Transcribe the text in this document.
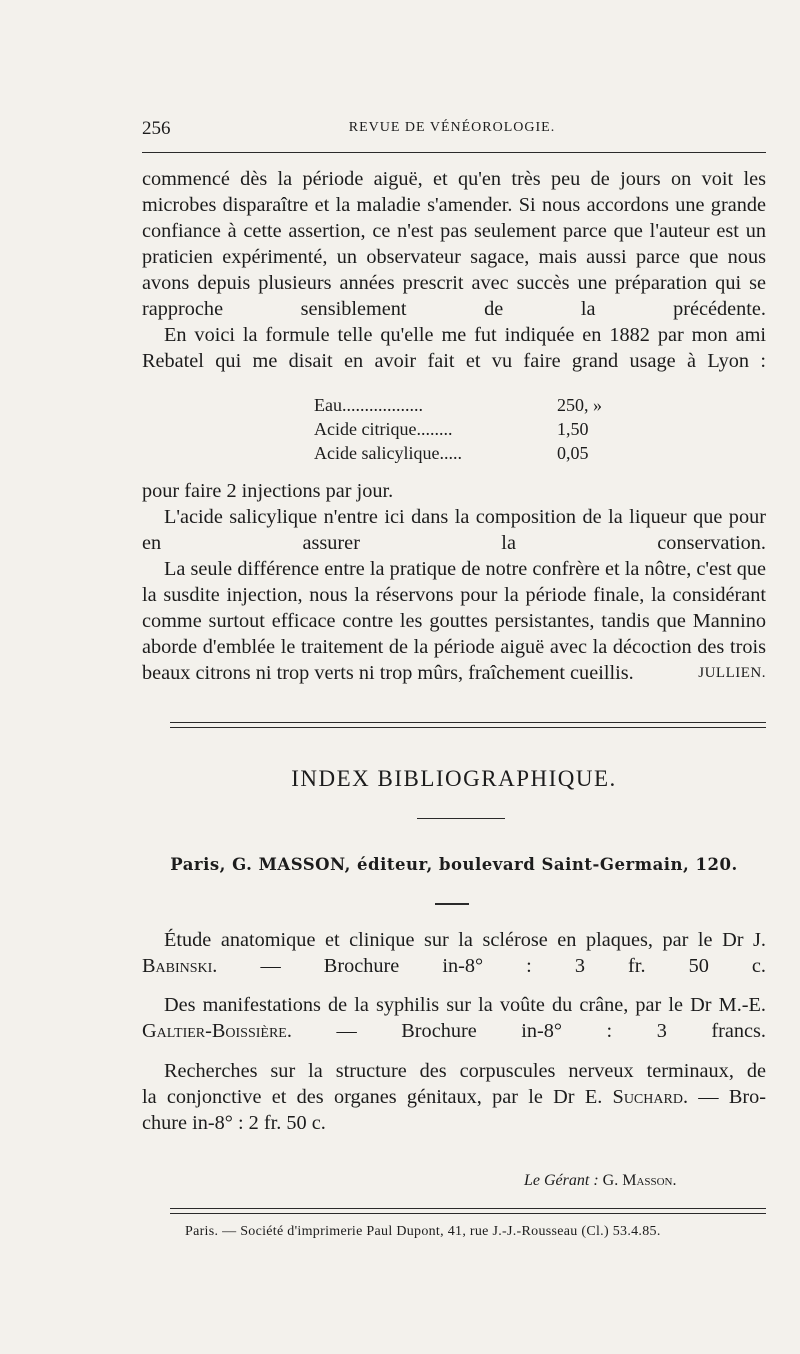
256	REVUE DE VÉNÉOROLOGIE.

commencé dès la période aiguë, et qu'en très peu de jours on voit les microbes disparaître et la maladie s'amender. Si nous accordons une grande confiance à cette assertion, ce n'est pas seulement parce que l'auteur est un praticien expérimenté, un observateur sagace, mais aussi parce que nous avons depuis plusieurs années prescrit avec succès une préparation qui se rapproche sensiblement de la précédente.

En voici la formule telle qu'elle me fut indiquée en 1882 par mon ami Rebatel qui me disait en avoir fait et vu faire grand usage à Lyon :

Eau..................	250, »
Acide citrique........	1,50
Acide salicylique.....	0,05

pour faire 2 injections par jour.

L'acide salicylique n'entre ici dans la composition de la liqueur que pour en assurer la conservation.

La seule différence entre la pratique de notre confrère et la nôtre, c'est que la susdite injection, nous la réservons pour la période finale, la considérant comme surtout efficace contre les gouttes persistantes, tandis que Mannino aborde d'emblée le traitement de la période aiguë avec la décoction des trois beaux citrons ni trop verts ni trop mûrs, fraîchement cueillis.	JULLIEN.

INDEX BIBLIOGRAPHIQUE.
Paris, G. MASSON, éditeur, boulevard Saint-Germain, 120.
Étude anatomique et clinique sur la sclérose en plaques, par le Dr J. Babinski. — Brochure in-8° : 3 fr. 50 c.
Des manifestations de la syphilis sur la voûte du crâne, par le Dr M.-E. Galtier-Boissière. — Brochure in-8° : 3 francs.
Recherches sur la structure des corpuscules nerveux terminaux, de
la conjonctive et des organes génitaux, par le Dr E. Suchard. — Bro-
chure in-8° : 2 fr. 50 c.
Le Gérant : G. Masson.
Paris. — Société d'imprimerie Paul Dupont, 41, rue J.-J.-Rousseau (Cl.) 53.4.85.
